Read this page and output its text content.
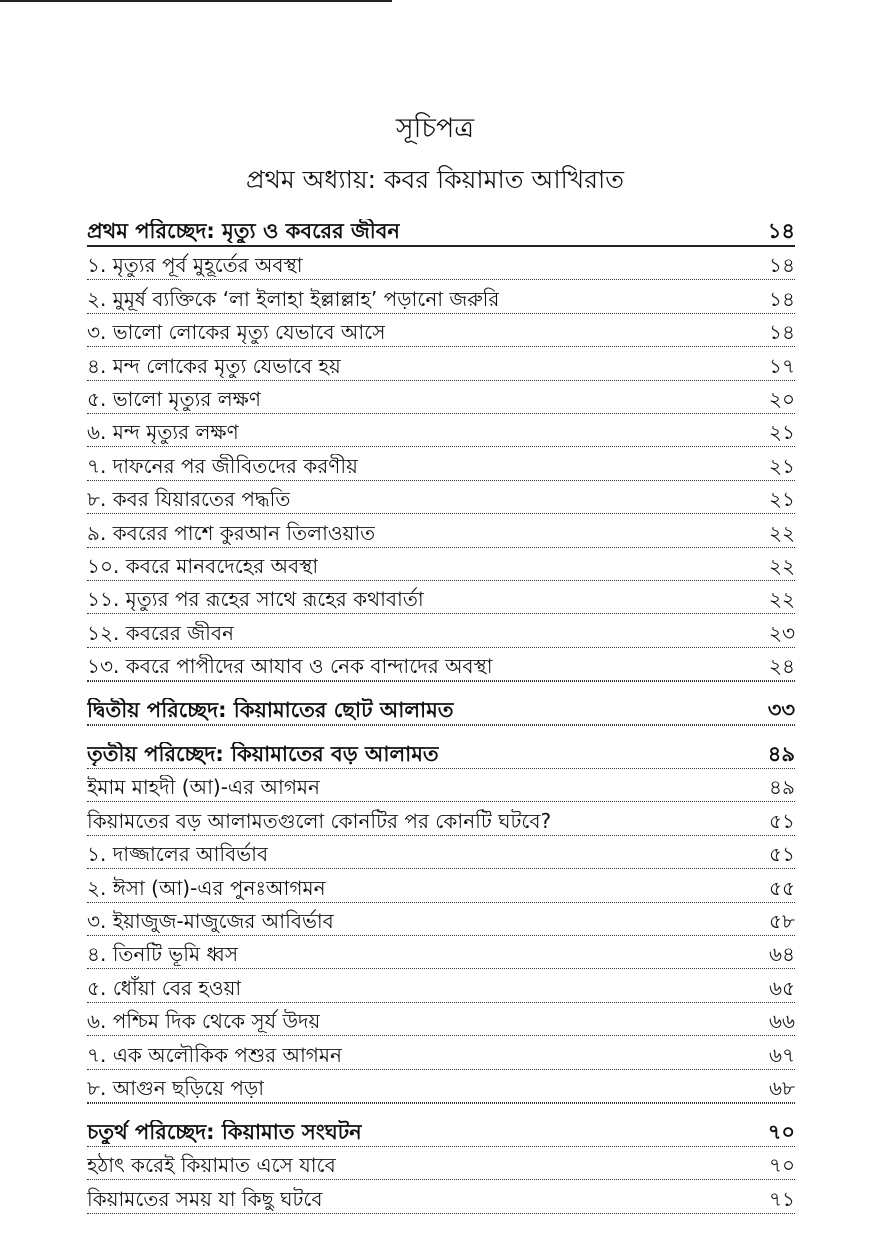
সূচিপত্র
প্রথম অধ্যায়: কবর কিয়ামাত আখিরাত
প্রথম পরিচ্ছেদ: মৃত্যু ও কবরের জীবন	১৪
১. মৃত্যুর পূর্ব মুহূর্তের অবস্থা	১৪
২. মুমূর্ষ ব্যক্তিকে ‘লা ইলাহা ইল্লাল্লাহ’ পড়ানো জরুরি	১৪
৩. ভালো লোকের মৃত্যু যেভাবে আসে	১৪
৪. মন্দ লোকের মৃত্যু যেভাবে হয়	১৭
৫. ভালো মৃত্যুর লক্ষণ	২০
৬. মন্দ মৃত্যুর লক্ষণ	২১
৭. দাফনের পর জীবিতদের করণীয়	২১
৮. কবর যিয়ারতের পদ্ধতি	২১
৯. কবরের পাশে কুরআন তিলাওয়াত	২২
১০. কবরে মানবদেহের অবস্থা	২২
১১. মৃত্যুর পর রূহের সাথে রূহের কথাবার্তা	২২
১২. কবরের জীবন	২৩
১৩. কবরে পাপীদের আযাব ও নেক বান্দাদের অবস্থা	২৪
দ্বিতীয় পরিচ্ছেদ: কিয়ামাতের ছোট আলামত	৩৩
তৃতীয় পরিচ্ছেদ: কিয়ামাতের বড় আলামত	৪৯
ইমাম মাহদী (আ)-এর আগমন	৪৯
কিয়ামতের বড় আলামতগুলো কোনটির পর কোনটি ঘটবে?	৫১
১. দাজ্জালের আবির্ভাব	৫১
২. ঈসা (আ)-এর পুনঃআগমন	৫৫
৩. ইয়াজুজ-মাজুজের আবির্ভাব	৫৮
৪. তিনটি ভূমি ধ্বস	৬৪
৫. ধোঁয়া বের হওয়া	৬৫
৬. পশ্চিম দিক থেকে সূর্য উদয়	৬৬
৭. এক অলৌকিক পশুর আগমন	৬৭
৮. আগুন ছড়িয়ে পড়া	৬৮
চতুর্থ পরিচ্ছেদ: কিয়ামাত সংঘটন	৭০
হঠাৎ করেই কিয়ামাত এসে যাবে	৭০
কিয়ামতের সময় যা কিছু ঘটবে	৭১
